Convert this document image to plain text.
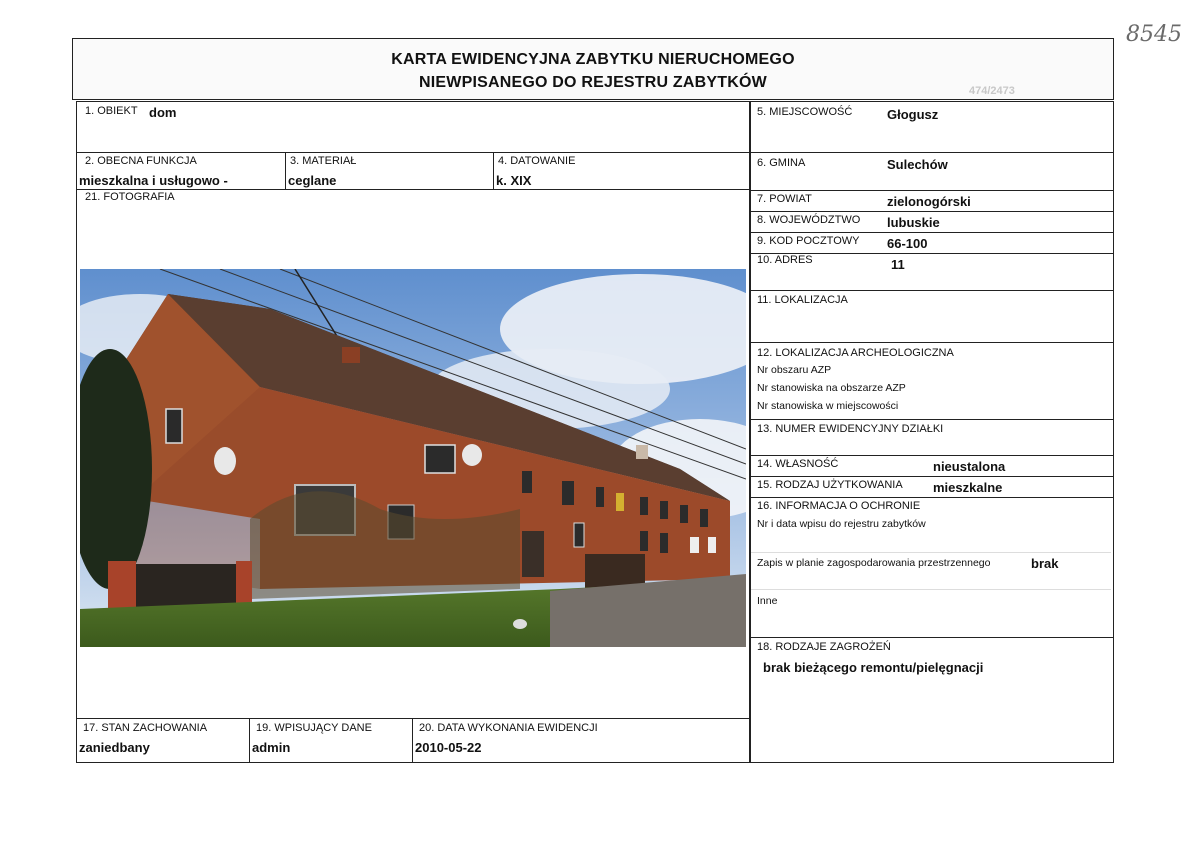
8545
KARTA EWIDENCYJNA ZABYTKU NIERUCHOMEGO
NIEWPISANEGO DO REJESTRU ZABYTKÓW	474/2473
1. OBIEKT dom
2. OBECNA FUNKCJA
mieszkalna i usługowo -
3. MATERIAŁ
ceglane
4. DATOWANIE
k. XIX
21. FOTOGRAFIA
17. STAN ZACHOWANIA
zaniedbany
19. WPISUJĄCY DANE
admin
20. DATA WYKONANIA EWIDENCJI
2010-05-22
5. MIEJSCOWOŚĆ	Głogusz
6. GMINA	Sulechów
7. POWIAT	zielonogórski
8. WOJEWÓDZTWO lubuskie
9. KOD POCZTOWY 66-100
10. ADRES	11
11. LOKALIZACJA
12. LOKALIZACJA ARCHEOLOGICZNA
Nr obszaru AZP
Nr stanowiska na obszarze AZP
Nr stanowiska w miejscowości
13. NUMER EWIDENCYJNY DZIAŁKI
14. WŁASNOŚĆ	nieustalona
15. RODZAJ UŻYTKOWANIA mieszkalne
16. INFORMACJA O OCHRONIE
Nr i data wpisu do rejestru zabytków
Zapis w planie zagospodarowania przestrzennego	brak
Inne
18. RODZAJE ZAGROŻEŃ
brak bieżącego remontu/pielęgnacji
